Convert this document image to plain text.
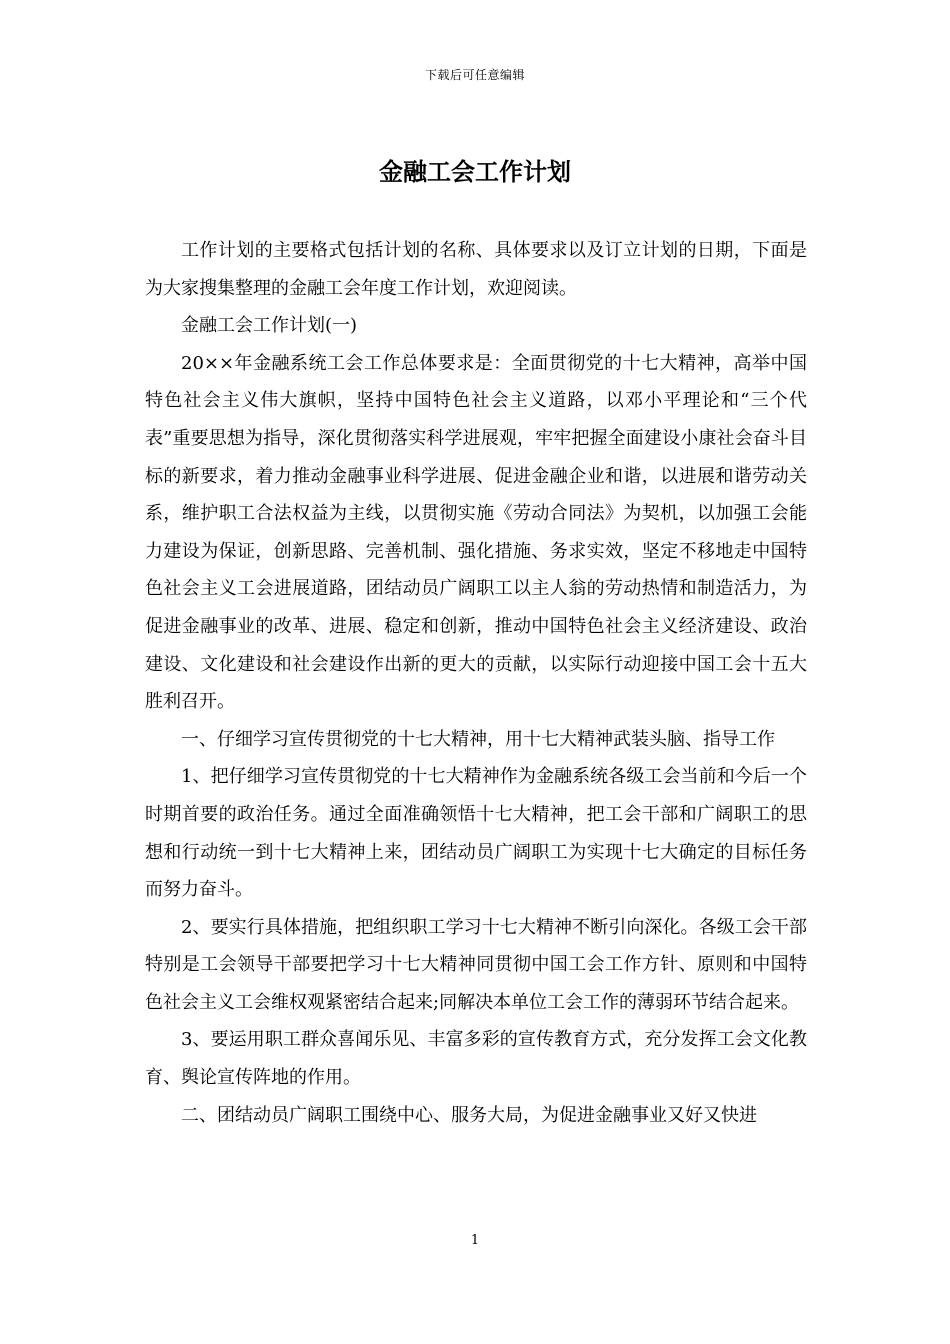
下载后可任意编辑
金融工会工作计划

工作计划的主要格式包括计划的名称、具体要求以及订立计划的日期，下面是为大家搜集整理的金融工会年度工作计划，欢迎阅读。

金融工会工作计划(一)

20××年金融系统工会工作总体要求是：全面贯彻党的十七大精神，高举中国特色社会主义伟大旗帜，坚持中国特色社会主义道路，以邓小平理论和“三个代表”重要思想为指导，深化贯彻落实科学进展观，牢牢把握全面建设小康社会奋斗目标的新要求，着力推动金融事业科学进展、促进金融企业和谐，以进展和谐劳动关系，维护职工合法权益为主线，以贯彻实施《劳动合同法》为契机，以加强工会能力建设为保证，创新思路、完善机制、强化措施、务求实效，坚定不移地走中国特色社会主义工会进展道路，团结动员广阔职工以主人翁的劳动热情和制造活力，为促进金融事业的改革、进展、稳定和创新，推动中国特色社会主义经济建设、政治建设、文化建设和社会建设作出新的更大的贡献，以实际行动迎接中国工会十五大胜利召开。

一、仔细学习宣传贯彻党的十七大精神，用十七大精神武装头脑、指导工作

1、把仔细学习宣传贯彻党的十七大精神作为金融系统各级工会当前和今后一个时期首要的政治任务。通过全面准确领悟十七大精神，把工会干部和广阔职工的思想和行动统一到十七大精神上来，团结动员广阔职工为实现十七大确定的目标任务而努力奋斗。

2、要实行具体措施，把组织职工学习十七大精神不断引向深化。各级工会干部特别是工会领导干部要把学习十七大精神同贯彻中国工会工作方针、原则和中国特色社会主义工会维权观紧密结合起来;同解决本单位工会工作的薄弱环节结合起来。

3、要运用职工群众喜闻乐见、丰富多彩的宣传教育方式，充分发挥工会文化教育、舆论宣传阵地的作用。

二、团结动员广阔职工围绕中心、服务大局，为促进金融事业又好又快进

1
